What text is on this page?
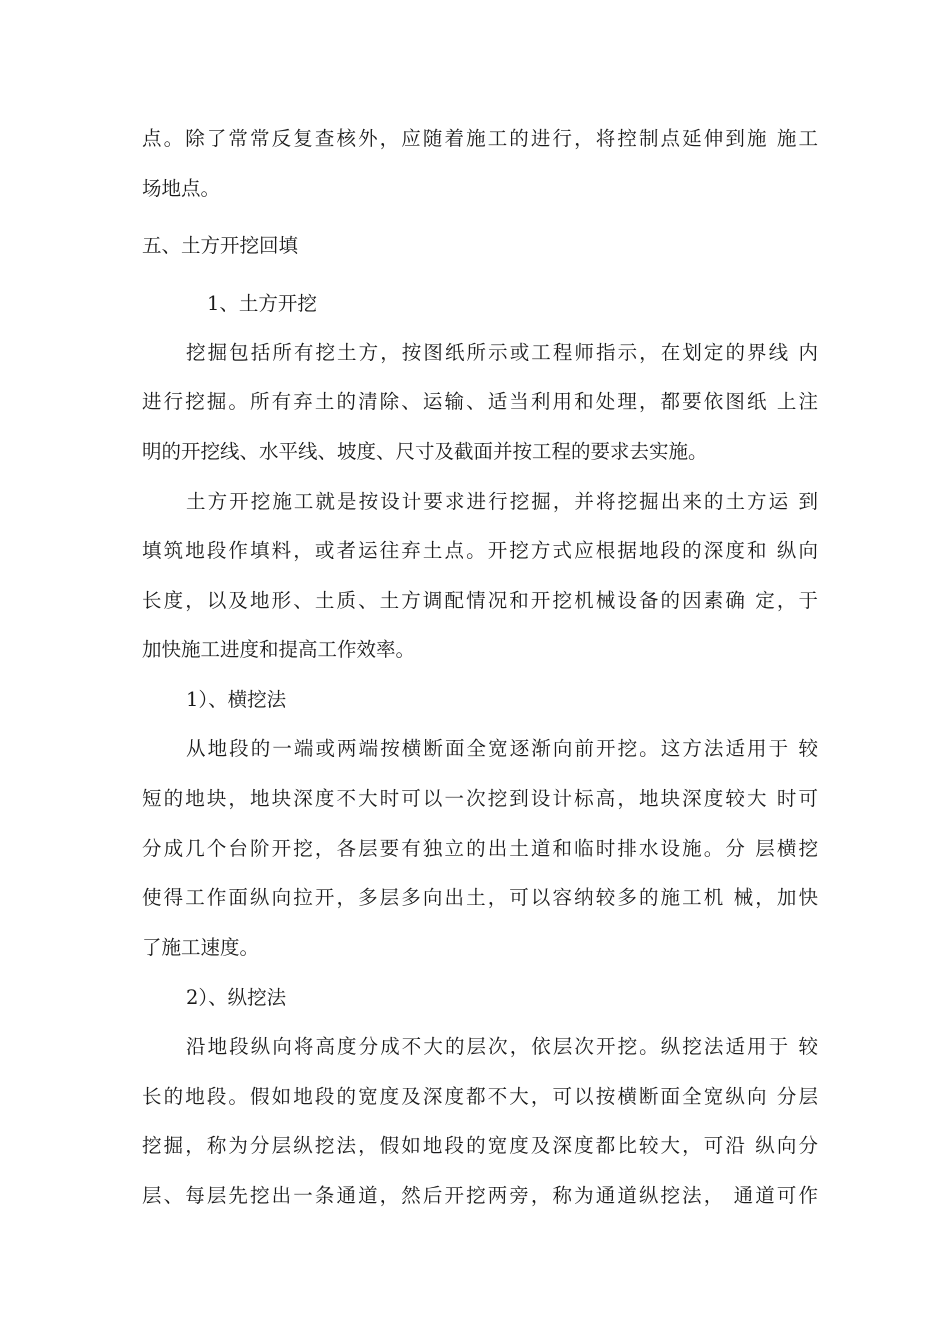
点。除了常常反复查核外，应随着施工的进行，将控制点延伸到施 施工
场地点。
五、土方开挖回填
1、土方开挖
挖掘包括所有挖土方，按图纸所示或工程师指示，在划定的界线 内
进行挖掘。所有弃土的清除、运输、适当利用和处理，都要依图纸 上注
明的开挖线、水平线、坡度、尺寸及截面并按工程的要求去实施。
土方开挖施工就是按设计要求进行挖掘，并将挖掘出来的土方运 到
填筑地段作填料，或者运往弃土点。开挖方式应根据地段的深度和 纵向
长度，以及地形、土质、土方调配情况和开挖机械设备的因素确 定，于
加快施工进度和提高工作效率。
1）、横挖法
从地段的一端或两端按横断面全宽逐渐向前开挖。这方法适用于 较
短的地块，地块深度不大时可以一次挖到设计标高，地块深度较大 时可
分成几个台阶开挖，各层要有独立的出土道和临时排水设施。分 层横挖
使得工作面纵向拉开，多层多向出土，可以容纳较多的施工机 械，加快
了施工速度。
2）、纵挖法
沿地段纵向将高度分成不大的层次，依层次开挖。纵挖法适用于 较
长的地段。假如地段的宽度及深度都不大，可以按横断面全宽纵向 分层
挖掘，称为分层纵挖法，假如地段的宽度及深度都比较大，可沿 纵向分
层、每层先挖出一条通道，然后开挖两旁，称为通道纵挖法， 通道可作
